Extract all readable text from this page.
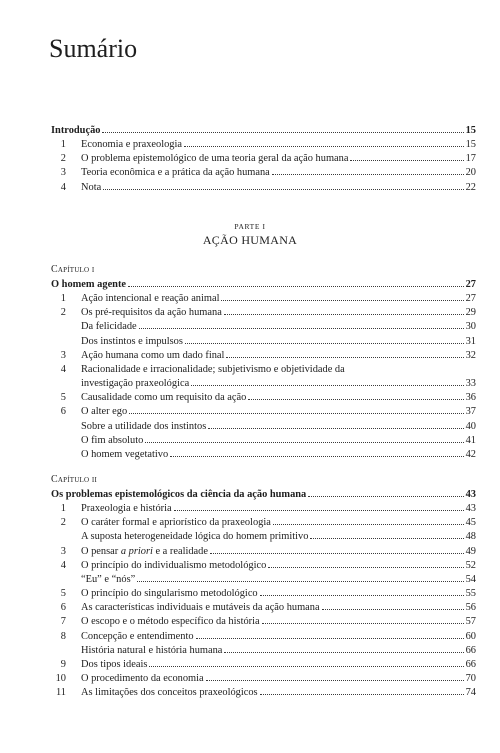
Sumário
Introdução	15
1 Economia e praxeologia	15
2 O problema epistemológico de uma teoria geral da ação humana	17
3 Teoria econômica e a prática da ação humana	20
4 Nota	22
O homem agente	27
1 Ação intencional e reação animal	27
2 Os pré-requisitos da ação humana	29
Da felicidade	30
Dos instintos e impulsos	31
3 Ação humana como um dado final	32
4 Racionalidade e irracionalidade; subjetivismo e objetividade da
investigação praxeológica	33
5 Causalidade como um requisito da ação	36
6 O alter ego	37
Sobre a utilidade dos instintos	40
O fim absoluto	41
O homem vegetativo	42
Os problemas epistemológicos da ciência da ação humana	43
1 Praxeologia e história	43
2 O caráter formal e apriorístico da praxeologia	45
A suposta heterogeneidade lógica do homem primitivo	48
3 O pensar a priori e a realidade	49
4 O princípio do individualismo metodológico	52
“Eu” e “nós”	54
5 O princípio do singularismo metodológico	55
6 As características individuais e mutáveis da ação humana	56
7 O escopo e o método específico da história	57
8 Concepção e entendimento	60
História natural e história humana	66
9 Dos tipos ideais	66
10 O procedimento da economia	70
11 As limitações dos conceitos praxeológicos	74
PARTE I
AÇÃO HUMANA
Capítulo i
Capítulo ii
